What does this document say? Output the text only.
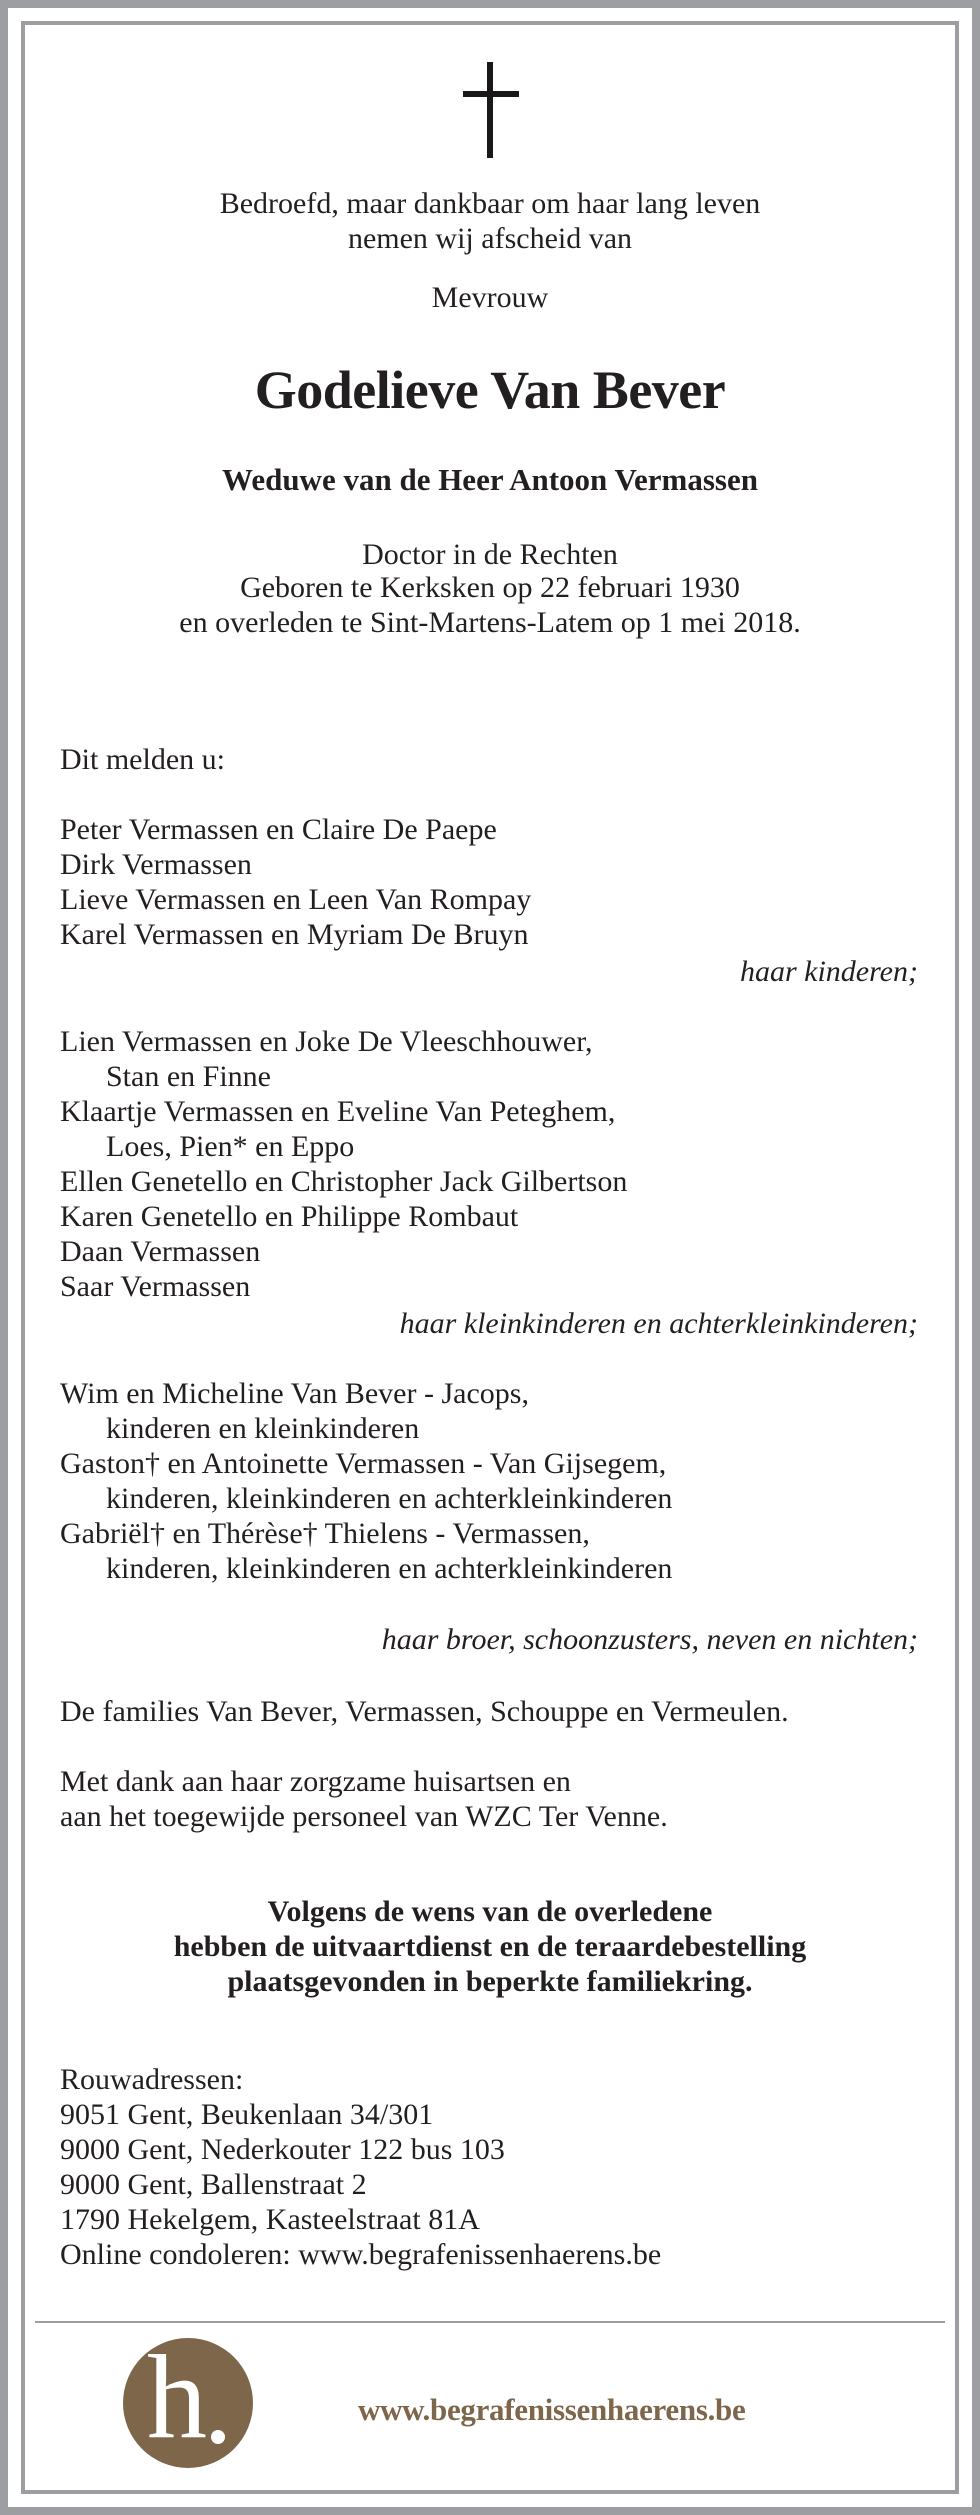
Bedroefd, maar dankbaar om haar lang leven
nemen wij afscheid van
Mevrouw
Godelieve Van Bever
Weduwe van de Heer Antoon Vermassen
Doctor in de Rechten
Geboren te Kerksken op 22 februari 1930
en overleden te Sint-Martens-Latem op 1 mei 2018.
Dit melden u:
Peter Vermassen en Claire De Paepe
Dirk Vermassen
Lieve Vermassen en Leen Van Rompay
Karel Vermassen en Myriam De Bruyn
haar kinderen;
Lien Vermassen en Joke De Vleeschhouwer,
Stan en Finne
Klaartje Vermassen en Eveline Van Peteghem,
Loes, Pien* en Eppo
Ellen Genetello en Christopher Jack Gilbertson
Karen Genetello en Philippe Rombaut
Daan Vermassen
Saar Vermassen
haar kleinkinderen en achterkleinkinderen;
Wim en Micheline Van Bever - Jacops,
kinderen en kleinkinderen
Gaston† en Antoinette Vermassen - Van Gijsegem,
kinderen, kleinkinderen en achterkleinkinderen
Gabriël† en Thérèse† Thielens - Vermassen,
kinderen, kleinkinderen en achterkleinkinderen
haar broer, schoonzusters, neven en nichten;
De families Van Bever, Vermassen, Schouppe en Vermeulen.
Met dank aan haar zorgzame huisartsen en
aan het toegewijde personeel van WZC Ter Venne.
Volgens de wens van de overledene
hebben de uitvaartdienst en de teraardebestelling
plaatsgevonden in beperkte familiekring.
Rouwadressen:
9051 Gent, Beukenlaan 34/301
9000 Gent, Nederkouter 122 bus 103
9000 Gent, Ballenstraat 2
1790 Hekelgem, Kasteelstraat 81A
Online condoleren: www.begrafenissenhaerens.be
h	www.begrafenissenhaerens.be
